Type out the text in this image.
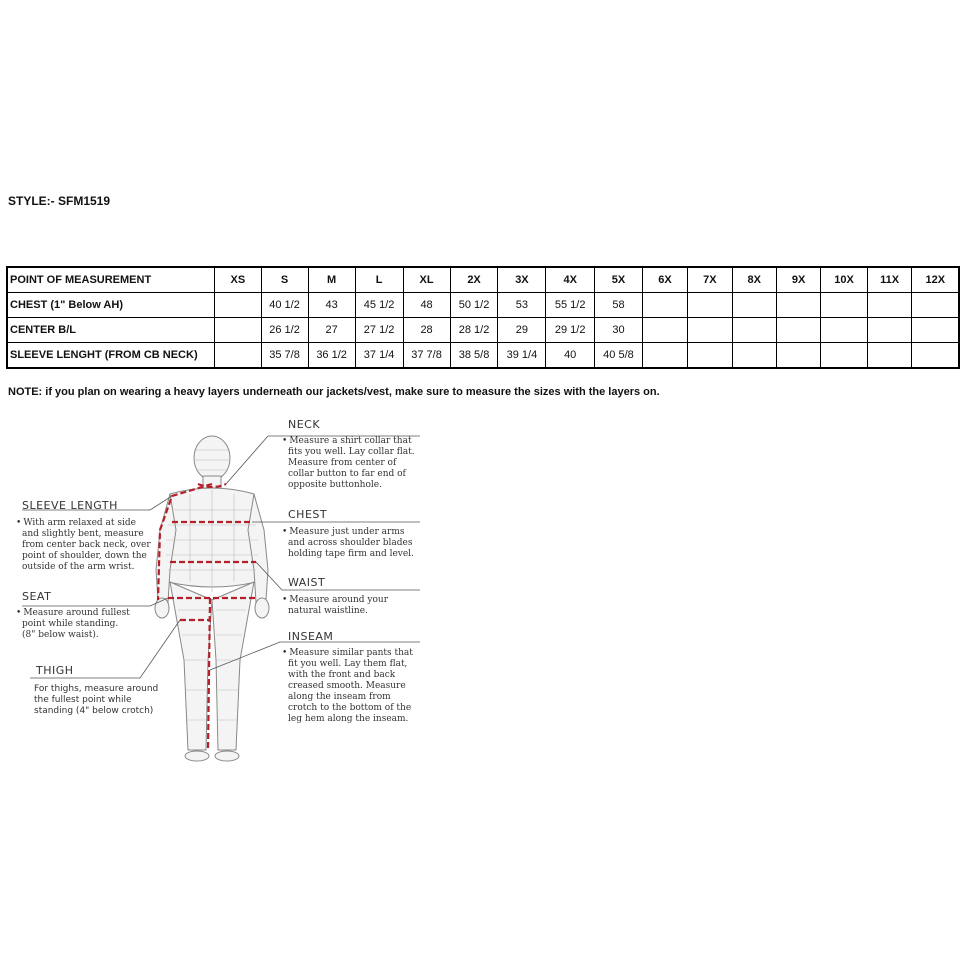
STYLE:- SFM1519
POINT OF MEASUREMENT	XS	S	M	L	XL	2X	3X	4X	5X	6X	7X	8X	9X	10X	11X	12X
CHEST (1" Below AH)		40 1/2	43	45 1/2	48	50 1/2	53	55 1/2	58							
CENTER B/L		26 1/2	27	27 1/2	28	28 1/2	29	29 1/2	30							
SLEEVE LENGHT (FROM CB NECK)		35 7/8	36 1/2	37 1/4	37 7/8	38 5/8	39 1/4	40	40 5/8							
NOTE: if you plan on wearing a heavy layers underneath our jackets/vest, make sure to measure the sizes with the layers on.
NECK
• Measure a shirt collar that
fits you well. Lay collar flat.
Measure from center of
collar button to far end of
opposite buttonhole.
CHEST
• Measure just under arms
and across shoulder blades
holding tape firm and level.
WAIST
• Measure around your
natural waistline.
INSEAM
• Measure similar pants that
fit you well. Lay them flat,
with the front and back
creased smooth. Measure
along the inseam from
crotch to the bottom of the
leg hem along the inseam.
SLEEVE LENGTH
• With arm relaxed at side
and slightly bent, measure
from center back neck, over
point of shoulder, down the
outside of the arm wrist.
SEAT
• Measure around fullest
point while standing.
(8" below waist).
THIGH
For thighs, measure around
the fullest point while
standing (4" below crotch)
